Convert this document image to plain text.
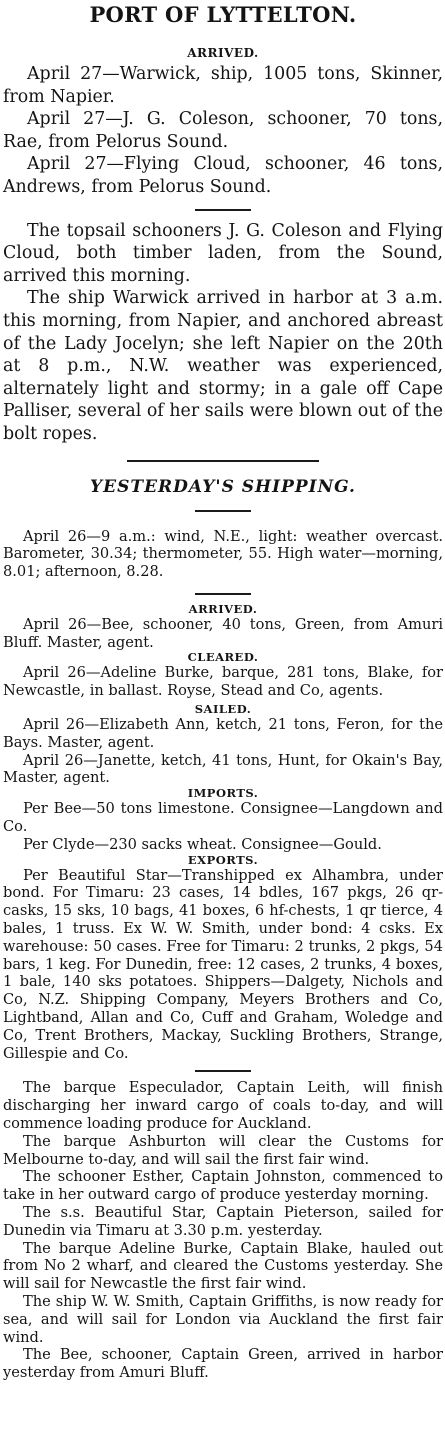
PORT OF LYTTELTON.
ARRIVED.

April 27—Warwick, ship, 1005 tons, Skinner, from Napier.

April 27—J. G. Coleson, schooner, 70 tons, Rae, from Pelorus Sound.

April 27—Flying Cloud, schooner, 46 tons, Andrews, from Pelorus Sound.

The topsail schooners J. G. Coleson and Flying Cloud, both timber laden, from the Sound, arrived this morning.

The ship Warwick arrived in harbor at 3 a.m. this morning, from Napier, and anchored abreast of the Lady Jocelyn; she left Napier on the 20th at 8 p.m., N.W. weather was experienced, alternately light and stormy; in a gale off Cape Palliser, several of her sails were blown out of the bolt ropes.

YESTERDAY'S SHIPPING.

April 26—9 a.m.: wind, N.E., light: weather overcast. Barometer, 30.34; thermometer, 55. High water—morning, 8.01; afternoon, 8.28.

ARRIVED.

April 26—Bee, schooner, 40 tons, Green, from Amuri Bluff. Master, agent.

CLEARED.

April 26—Adeline Burke, barque, 281 tons, Blake, for Newcastle, in ballast. Royse, Stead and Co, agents.

SAILED.

April 26—Elizabeth Ann, ketch, 21 tons, Feron, for the Bays. Master, agent.

April 26—Janette, ketch, 41 tons, Hunt, for Okain's Bay, Master, agent.

IMPORTS.

Per Bee—50 tons limestone. Consignee—Langdown and Co.

Per Clyde—230 sacks wheat. Consignee—Gould.

EXPORTS.

Per Beautiful Star—Transhipped ex Alhambra, under bond. For Timaru: 23 cases, 14 bdles, 167 pkgs, 26 qr-casks, 15 sks, 10 bags, 41 boxes, 6 hf-chests, 1 qr tierce, 4 bales, 1 truss. Ex W. W. Smith, under bond: 4 csks. Ex warehouse: 50 cases. Free for Timaru: 2 trunks, 2 pkgs, 54 bars, 1 keg. For Dunedin, free: 12 cases, 2 trunks, 4 boxes, 1 bale, 140 sks potatoes. Shippers—Dalgety, Nichols and Co, N.Z. Shipping Company, Meyers Brothers and Co, Lightband, Allan and Co, Cuff and Graham, Woledge and Co, Trent Brothers, Mackay, Suckling Brothers, Strange, Gillespie and Co.

The barque Especulador, Captain Leith, will finish discharging her inward cargo of coals to-day, and will commence loading produce for Auckland.

The barque Ashburton will clear the Customs for Melbourne to-day, and will sail the first fair wind.

The schooner Esther, Captain Johnston, commenced to take in her outward cargo of produce yesterday morning.

The s.s. Beautiful Star, Captain Pieterson, sailed for Dunedin via Timaru at 3.30 p.m. yesterday.

The barque Adeline Burke, Captain Blake, hauled out from No 2 wharf, and cleared the Customs yesterday. She will sail for Newcastle the first fair wind.

The ship W. W. Smith, Captain Griffiths, is now ready for sea, and will sail for London via Auckland the first fair wind.

The Bee, schooner, Captain Green, arrived in harbor yesterday from Amuri Bluff.
